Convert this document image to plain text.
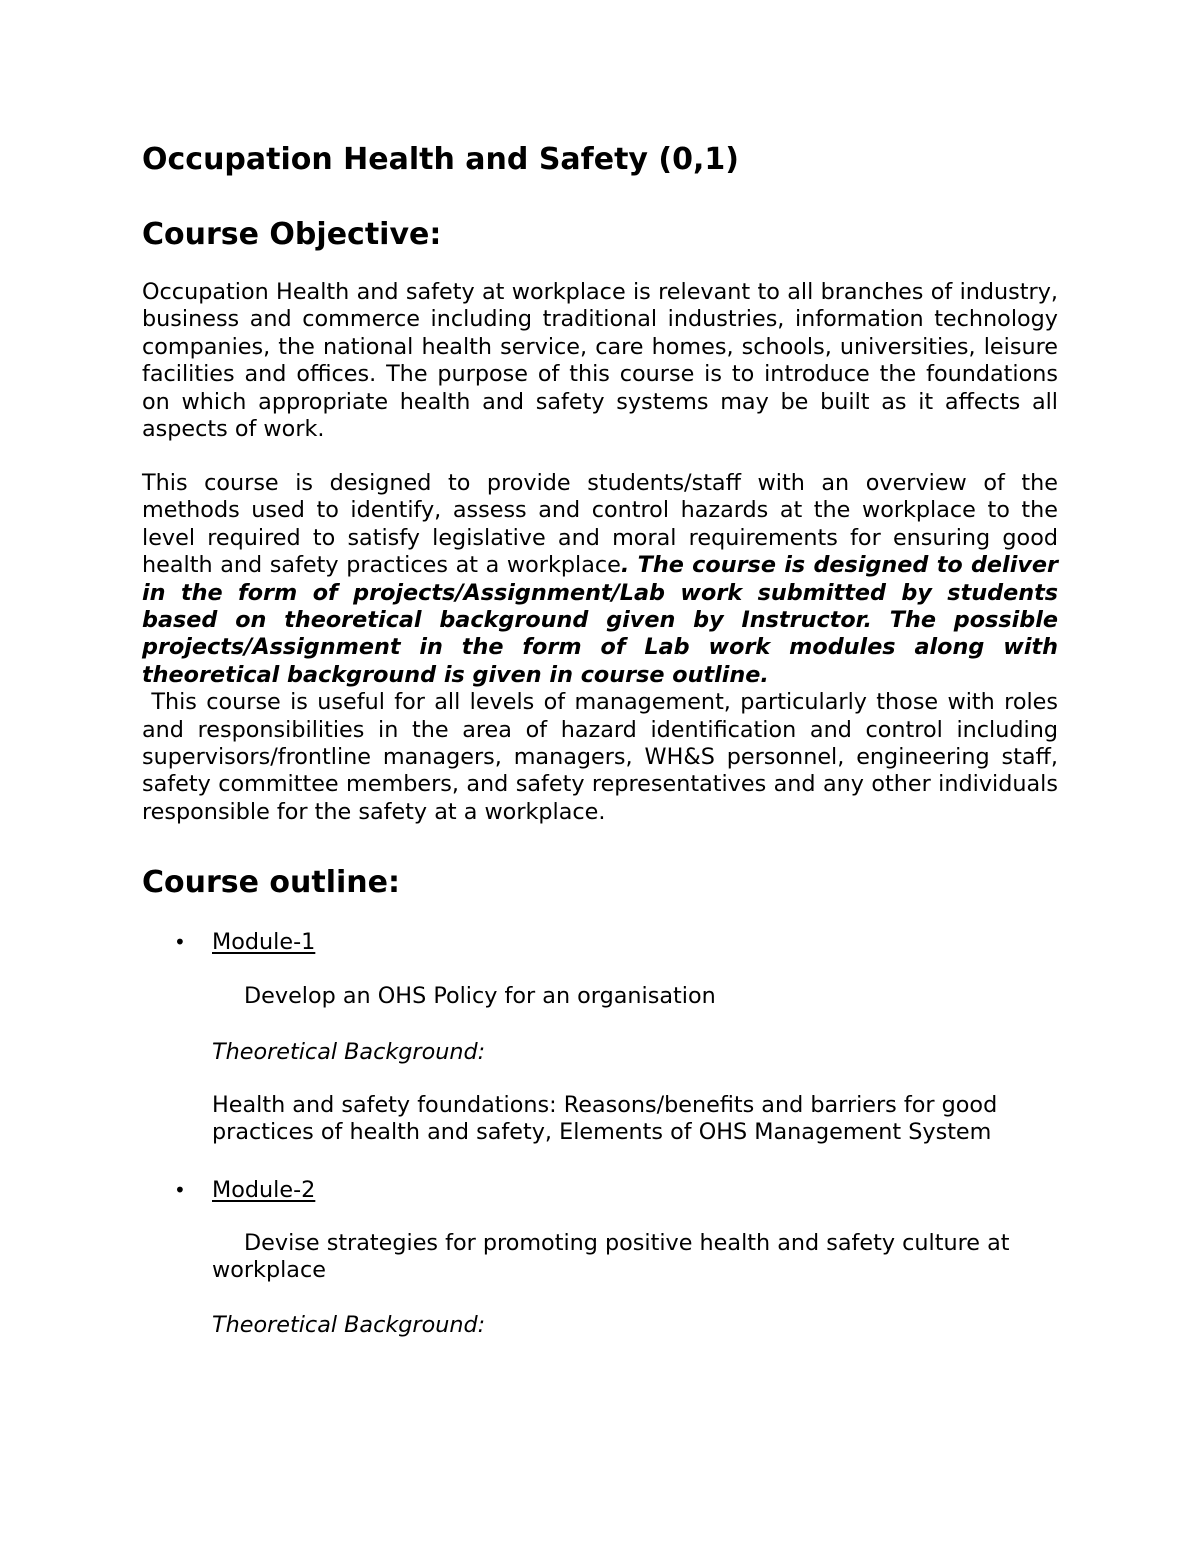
Occupation Health and Safety (0,1)
Course Objective:

Occupation Health and safety at workplace is relevant to all branches of industry, business and commerce including traditional industries, information technology companies, the national health service, care homes, schools, universities, leisure facilities and offices. The purpose of this course is to introduce the foundations on which appropriate health and safety systems may be built as it affects all aspects of work.

This course is designed to provide students/staff with an overview of the methods used to identify, assess and control hazards at the workplace to the level required to satisfy legislative and moral requirements for ensuring good health and safety practices at a workplace. The course is designed to deliver in the form of projects/Assignment/Lab work submitted by students based on theoretical background given by Instructor. The possible projects/Assignment in the form of Lab work modules along with theoretical background is given in course outline.
This course is useful for all levels of management, particularly those with roles and responsibilities in the area of hazard identification and control including supervisors/frontline managers, managers, WH&S personnel, engineering staff, safety committee members, and safety representatives and any other individuals responsible for the safety at a workplace.

Course outline:
• Module-1

Develop an OHS Policy for an organisation

Theoretical Background:

Health and safety foundations: Reasons/benefits and barriers for good practices of health and safety, Elements of OHS Management System

• Module-2

Devise strategies for promoting positive health and safety culture at workplace

Theoretical Background:
